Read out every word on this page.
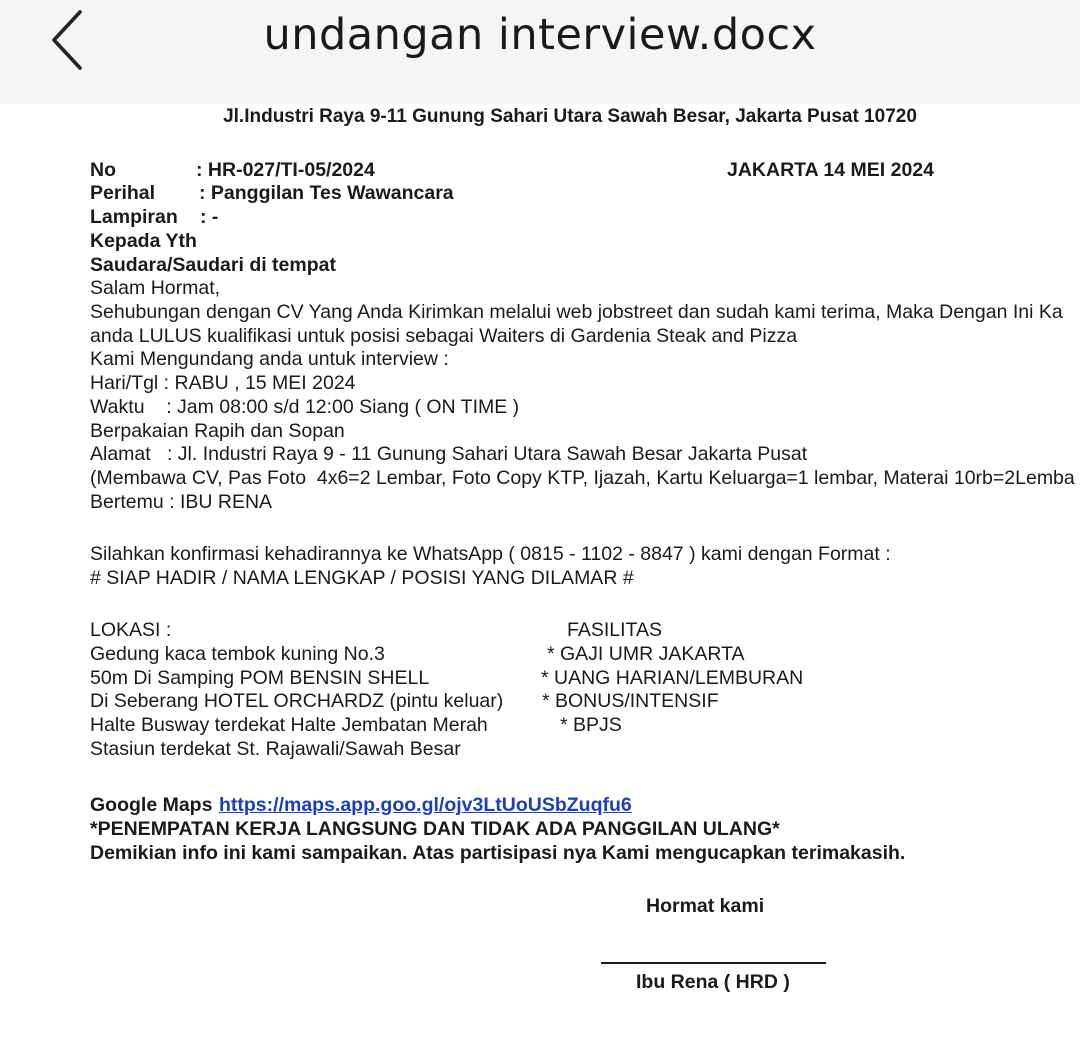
undangan interview.docx
Jl.Industri Raya 9-11 Gunung Sahari Utara Sawah Besar, Jakarta Pusat 10720
No	: HR-027/TI-05/2024	JAKARTA 14 MEI 2024
Perihal : Panggilan Tes Wawancara
Lampiran : -
Kepada Yth
Saudara/Saudari di tempat
Salam Hormat,
Sehubungan dengan CV Yang Anda Kirimkan melalui web jobstreet dan sudah kami terima, Maka Dengan Ini Ka
anda LULUS kualifikasi untuk posisi sebagai Waiters di Gardenia Steak and Pizza
Kami Mengundang anda untuk interview :
Hari/Tgl : RABU , 15 MEI 2024
Waktu    : Jam 08:00 s/d 12:00 Siang ( ON TIME )
Berpakaian Rapih dan Sopan
Alamat   : Jl. Industri Raya 9 - 11 Gunung Sahari Utara Sawah Besar Jakarta Pusat
(Membawa CV, Pas Foto  4x6=2 Lembar, Foto Copy KTP, Ijazah, Kartu Keluarga=1 lembar, Materai 10rb=2Lemba
Bertemu : IBU RENA
Silahkan konfirmasi kehadirannya ke WhatsApp ( 0815 - 1102 - 8847 ) kami dengan Format :
# SIAP HADIR / NAMA LENGKAP / POSISI YANG DILAMAR #
LOKASI :
Gedung kaca tembok kuning No.3
50m Di Samping POM BENSIN SHELL
Di Seberang HOTEL ORCHARDZ (pintu keluar)
Halte Busway terdekat Halte Jembatan Merah
Stasiun terdekat St. Rajawali/Sawah Besar
FASILITAS
* GAJI UMR JAKARTA
* UANG HARIAN/LEMBURAN
* BONUS/INTENSIF
* BPJS
Google Maps https://maps.app.goo.gl/ojv3LtUoUSbZuqfu6
*PENEMPATAN KERJA LANGSUNG DAN TIDAK ADA PANGGILAN ULANG*
Demikian info ini kami sampaikan. Atas partisipasi nya Kami mengucapkan terimakasih.
Hormat kami
Ibu Rena ( HRD )
